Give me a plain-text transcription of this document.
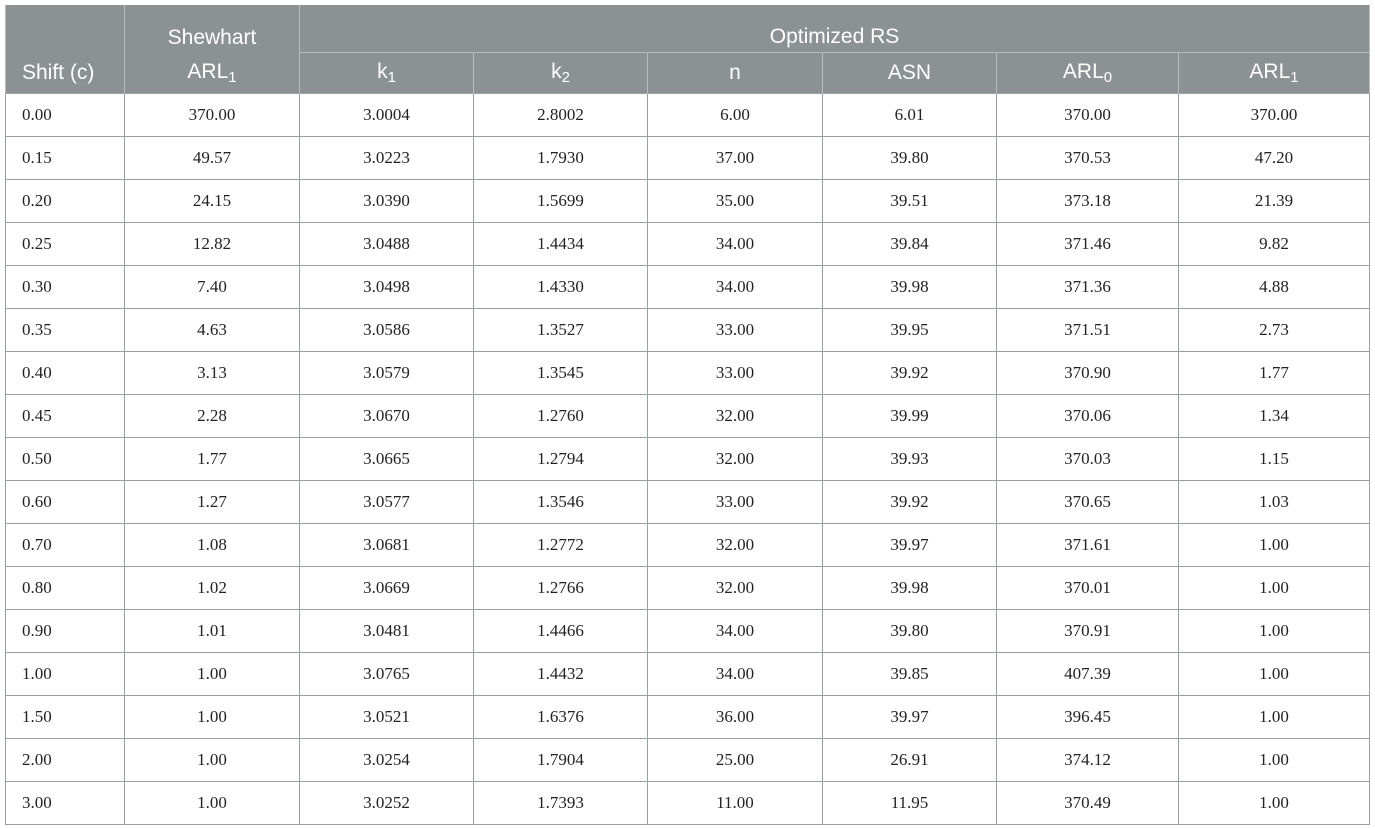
Shift (c)	Shewhart	Optimized RS					
	ARL1	k1	k2	n	ASN	ARL0	ARL1
0.00	370.00	3.0004	2.8002	6.00	6.01	370.00	370.00
0.15	49.57	3.0223	1.7930	37.00	39.80	370.53	47.20
0.20	24.15	3.0390	1.5699	35.00	39.51	373.18	21.39
0.25	12.82	3.0488	1.4434	34.00	39.84	371.46	9.82
0.30	7.40	3.0498	1.4330	34.00	39.98	371.36	4.88
0.35	4.63	3.0586	1.3527	33.00	39.95	371.51	2.73
0.40	3.13	3.0579	1.3545	33.00	39.92	370.90	1.77
0.45	2.28	3.0670	1.2760	32.00	39.99	370.06	1.34
0.50	1.77	3.0665	1.2794	32.00	39.93	370.03	1.15
0.60	1.27	3.0577	1.3546	33.00	39.92	370.65	1.03
0.70	1.08	3.0681	1.2772	32.00	39.97	371.61	1.00
0.80	1.02	3.0669	1.2766	32.00	39.98	370.01	1.00
0.90	1.01	3.0481	1.4466	34.00	39.80	370.91	1.00
1.00	1.00	3.0765	1.4432	34.00	39.85	407.39	1.00
1.50	1.00	3.0521	1.6376	36.00	39.97	396.45	1.00
2.00	1.00	3.0254	1.7904	25.00	26.91	374.12	1.00
3.00	1.00	3.0252	1.7393	11.00	11.95	370.49	1.00
